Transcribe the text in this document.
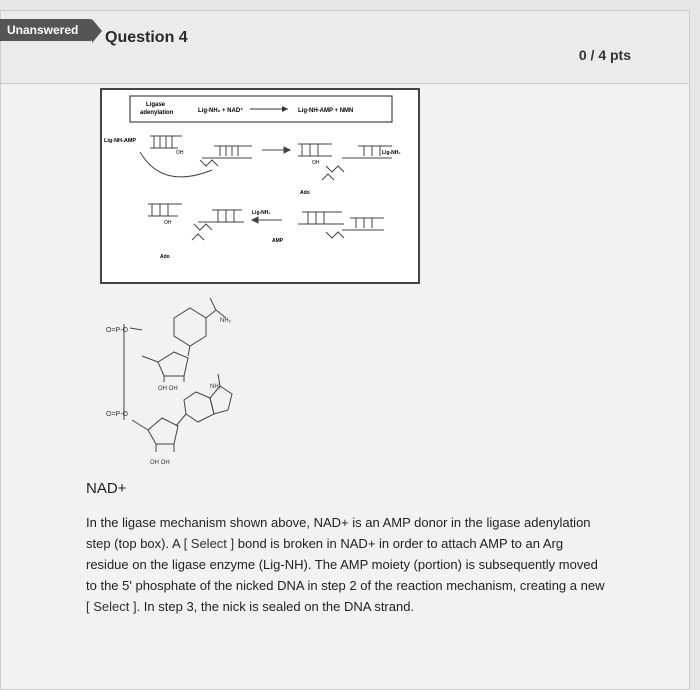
Unanswered	Question 4
0 / 4 pts
Ligase
adenylation	Lig-NH₂ + NAD⁺	Lig-NH-AMP + NMN
Lig-NH-AMP
OH
OH
Lig-NH₂
Ado
OH
Lig-NH₂
AMP
Ado
O=P-O
O=P-O
NH₂
NH₂
OH OH
OH OH
NAD+
In the ligase mechanism shown above, NAD+ is an AMP donor in the ligase adenylation step (top box). A [ Select ] bond is broken in NAD+ in order to attach AMP to an Arg residue on the ligase enzyme (Lig-NH). The AMP moiety (portion) is subsequently moved to the 5' phosphate of the nicked DNA in step 2 of the reaction mechanism, creating a new [ Select ]. In step 3, the nick is sealed on the DNA strand.
